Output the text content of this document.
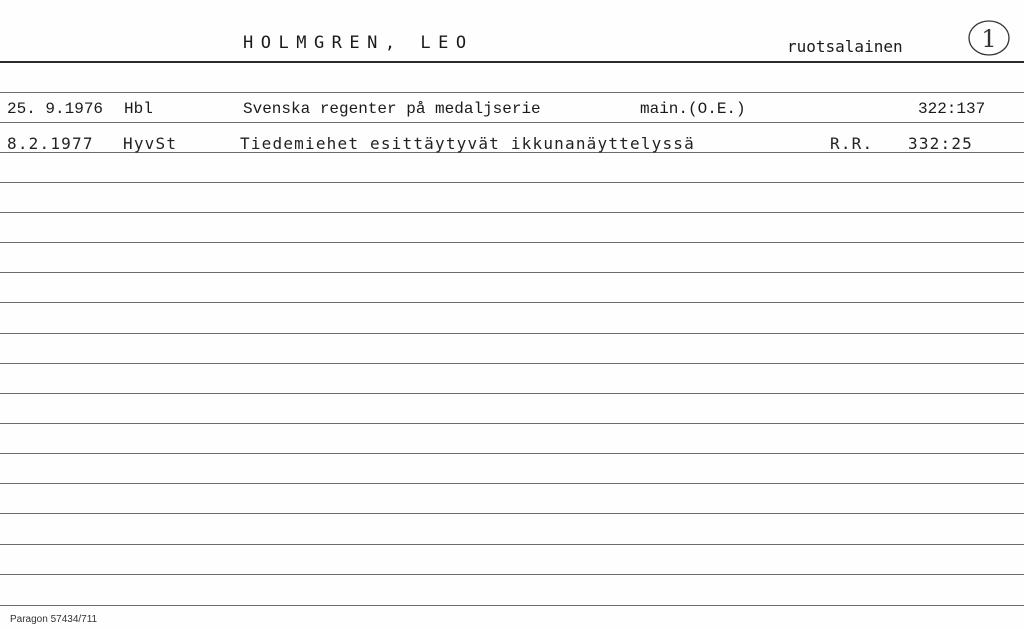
HOLMGREN, LEO	ruotsalainen	1
25. 9.1976 Hbl	Svenska regenter på medaljserie	main.(O.E.)	322:137
8.2.1977 HyvSt	Tiedemiehet esittäytyvät ikkunanäyttelyssä	R.R. 332:25
Paragon 57434/711
